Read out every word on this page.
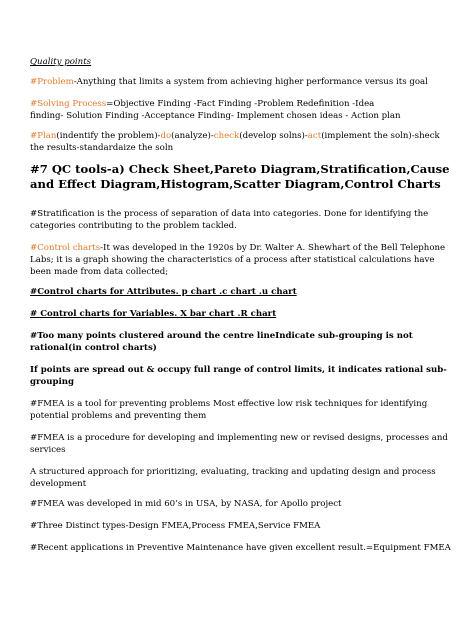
Quality points

#Problem-Anything that limits a system from achieving higher performance versus its goal

#Solving Process=Objective Finding -Fact Finding -Problem Redefinition -Idea
finding- Solution Finding -Acceptance Finding- Implement chosen ideas - Action plan

#Plan(indentify the problem)-do(analyze)-check(develop solns)-act(implement the soln)-sheck
the results-standardaize the soln

#7 QC tools-a) Check Sheet,Pareto Diagram,Stratification,Cause and Effect Diagram,Histogram,Scatter Diagram,Control Charts

#Stratification is the process of separation of data into categories. Done for identifying the categories contributing to the problem tackled.

#Control charts-It was developed in the 1920s by Dr. Walter A. Shewhart of the Bell Telephone Labs; it is a graph showing the characteristics of a process after statistical calculations have been made from data collected;

#Control charts for Attributes. p chart .c chart .u chart

# Control charts for Variables. X bar chart .R chart

#Too many points clustered around the centre lineIndicate sub-grouping is not rational(in control charts)

If points are spread out & occupy full range of control limits, it indicates rational sub-grouping

#FMEA is a tool for preventing problems Most effective low risk techniques for identifying potential problems and preventing them

#FMEA is a procedure for developing and implementing new or revised designs, processes and services

A structured approach for prioritizing, evaluating, tracking and updating design and process development

#FMEA was developed in mid 60’s in USA, by NASA, for Apollo project

#Three Distinct types-Design FMEA,Process FMEA,Service FMEA

#Recent applications in Preventive Maintenance have given excellent result.=Equipment FMEA
